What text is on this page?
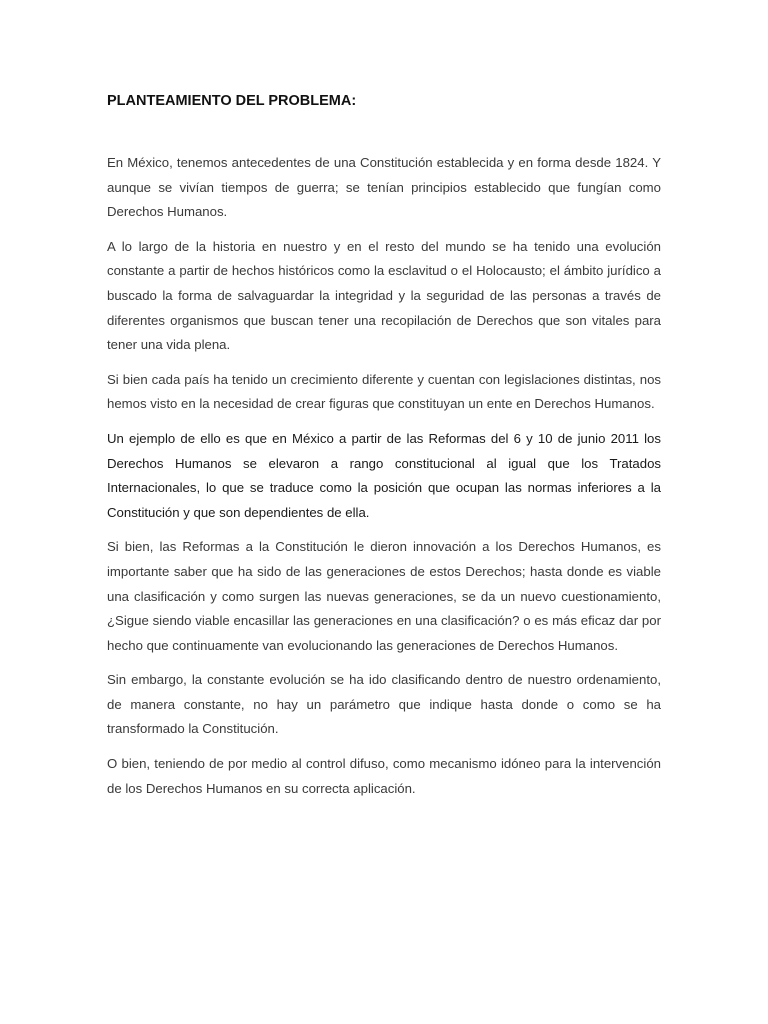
PLANTEAMIENTO DEL PROBLEMA:

En México, tenemos antecedentes de una Constitución establecida y en forma desde 1824. Y aunque se vivían tiempos de guerra; se tenían principios establecido que fungían como Derechos Humanos.

A lo largo de la historia en nuestro y en el resto del mundo se ha tenido una evolución constante a partir de hechos históricos como la esclavitud o el Holocausto; el ámbito jurídico a buscado la forma de salvaguardar la integridad y la seguridad de las personas a través de diferentes organismos que buscan tener una recopilación de Derechos que son vitales para tener una vida plena.

Si bien cada país ha tenido un crecimiento diferente y cuentan con legislaciones distintas, nos hemos visto en la necesidad de crear figuras que constituyan un ente en Derechos Humanos.

Un ejemplo de ello es que en México a partir de las Reformas del 6 y 10 de junio 2011 los Derechos Humanos se elevaron a rango constitucional al igual que los Tratados Internacionales, lo que se traduce como la posición que ocupan las normas inferiores a la Constitución y que son dependientes de ella.

Si bien, las Reformas a la Constitución le dieron innovación a los Derechos Humanos, es importante saber que ha sido de las generaciones de estos Derechos; hasta donde es viable una clasificación y como surgen las nuevas generaciones, se da un nuevo cuestionamiento, ¿Sigue siendo viable encasillar las generaciones en una clasificación? o es más eficaz dar por hecho que continuamente van evolucionando las generaciones de Derechos Humanos.

Sin embargo, la constante evolución se ha ido clasificando dentro de nuestro ordenamiento, de manera constante, no hay un parámetro que indique hasta donde o como se ha transformado la Constitución.

O bien, teniendo de por medio al control difuso, como mecanismo idóneo para la intervención de los Derechos Humanos en su correcta aplicación.
